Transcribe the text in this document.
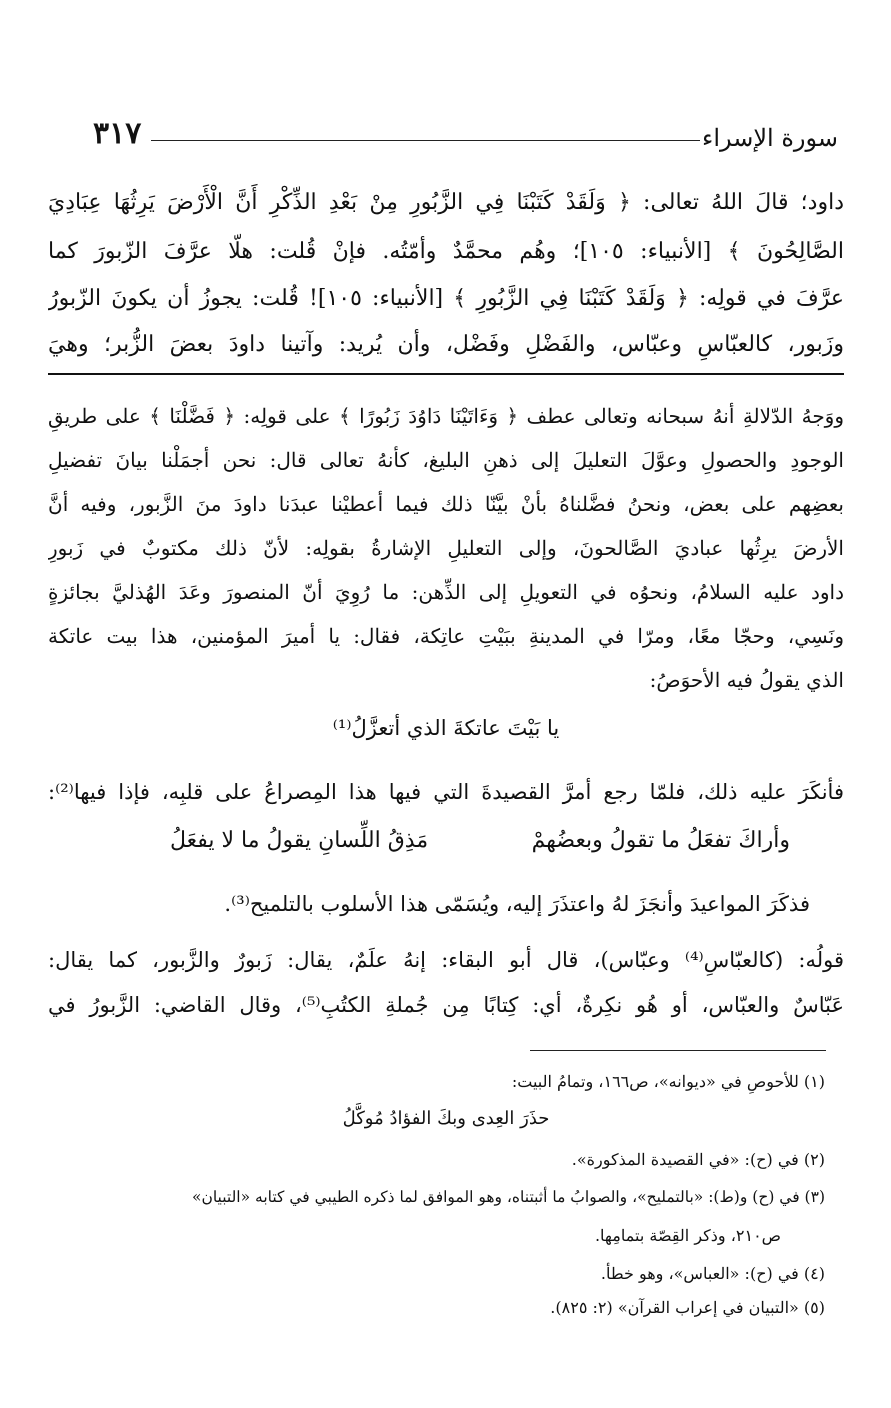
سورة الإسراء
٣١٧
داود؛ قالَ اللهُ تعالى: ﴿ وَلَقَدْ كَتَبْنَا فِي الزَّبُورِ مِنْ بَعْدِ الذِّكْرِ أَنَّ الْأَرْضَ يَرِثُهَا عِبَادِيَ
الصَّالِحُونَ ﴾ [الأنبياء: ١٠٥]؛ وهُم محمَّدٌ وأمّتُه. فإنْ قُلت: هلّا عرَّفَ الزّبورَ كما
عرَّفَ في قولِه: ﴿ وَلَقَدْ كَتَبْنَا فِي الزَّبُورِ ﴾ [الأنبياء: ١٠٥]! قُلت: يجوزُ أن يكونَ الزّبورُ
وزَبور، كالعبّاسِ وعبّاس، والفَضْلِ وفَضْل، وأن يُريد: وآتينا داودَ بعضَ الزُّبر؛ وهيَ
ووَجهُ الدّلالةِ أنهُ سبحانه وتعالى عطف ﴿ وَءَاتَيْنَا دَاوُدَ زَبُورًا ﴾ على قولِه: ﴿ فَضَّلْنَا ﴾ على طريقِ
الوجودِ والحصولِ وعوَّلَ التعليلَ إلى ذهنِ البليغ، كأنهُ تعالى قال: نحن أجمَلْنا بيانَ تفضيلِ
بعضِهم على بعض، ونحنُ فضَّلناهُ بأنْ بيَّنّا ذلك فيما أعطيْنا عبدَنا داودَ منَ الزَّبور، وفيه أنَّ
الأرضَ يرِثُها عباديَ الصَّالحونَ، وإلى التعليلِ الإشارةُ بقولِه: لأنّ ذلك مكتوبٌ في زَبورِ
داود عليه السلامُ، ونحوُه في التعويلِ إلى الذِّهن: ما رُوِيَ أنّ المنصورَ وعَدَ الهُذليَّ بجائزةٍ
ونَسِي، وحجّا معًا، ومرّا في المدينةِ ببَيْتِ عاتِكة، فقال: يا أميرَ المؤمنين، هذا بيت عاتكة
الذي يقولُ فيه الأحوَصُ:
يا بَيْتَ عاتكةَ الذي أتعزَّلُ⁽¹⁾
فأنكَرَ عليه ذلك، فلمّا رجع أمرَّ القصيدةَ التي فيها هذا المِصراعُ على قلبِه، فإذا فيها⁽²⁾:
وأراكَ تفعَلُ ما تقولُ وبعضُهمْ
مَذِقُ اللِّسانِ يقولُ ما لا يفعَلُ
فذكَرَ المواعيدَ وأنجَزَ لهُ واعتذَرَ إليه، ويُسَمّى هذا الأسلوب بالتلميح⁽³⁾.
قولُه: (كالعبّاسِ⁽⁴⁾ وعبّاس)، قال أبو البقاء: إنهُ علَمٌ، يقال: زَبورٌ والزَّبور، كما يقال:
عَبّاسٌ والعبّاس، أو هُو نكِرةٌ، أي: كِتابًا مِن جُملةِ الكتُبِ⁽⁵⁾، وقال القاضي: الزَّبورُ في
(١) للأحوصِ في «ديوانه»، ص١٦٦، وتمامُ البيت:
حذَرَ العِدى وبكَ الفؤادُ مُوكَّلُ
(٢) في (ح): «في القصيدة المذكورة».
(٣) في (ح) و(ط): «بالتمليح»، والصوابُ ما أثبتناه، وهو الموافق لما ذكره الطيبي في كتابه «التبيان»
ص٢١٠، وذكر القِصّة بتمامِها.
(٤) في (ح): «العباس»، وهو خطأ.
(٥) «التبيان في إعراب القرآن» (٢: ٨٢٥).
